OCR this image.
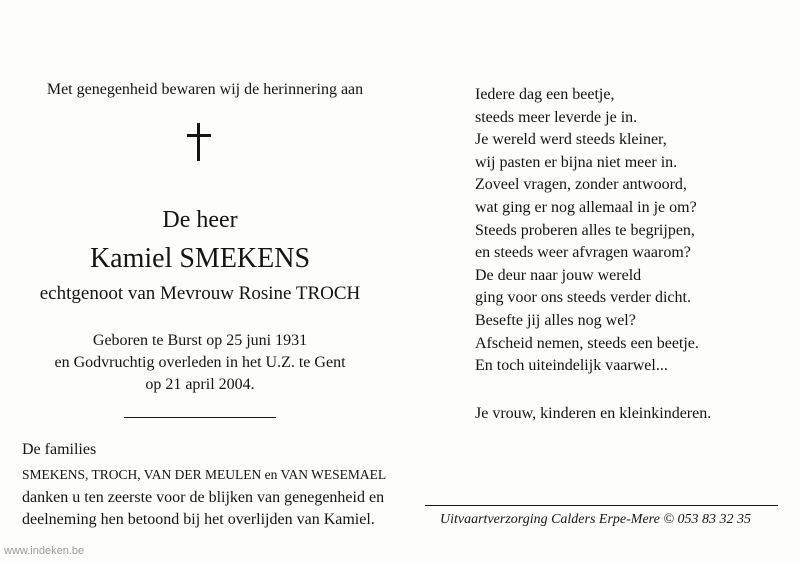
Met genegenheid bewaren wij de herinnering aan
De heer
Kamiel SMEKENS
echtgenoot van Mevrouw Rosine TROCH
Geboren te Burst op 25 juni 1931
en Godvruchtig overleden in het U.Z. te Gent
op 21 april 2004.
De families
SMEKENS, TROCH, VAN DER MEULEN en VAN WESEMAEL
danken u ten zeerste voor de blijken van genegenheid en
deelneming hen betoond bij het overlijden van Kamiel.
Iedere dag een beetje,
steeds meer leverde je in.
Je wereld werd steeds kleiner,
wij pasten er bijna niet meer in.
Zoveel vragen, zonder antwoord,
wat ging er nog allemaal in je om?
Steeds proberen alles te begrijpen,
en steeds weer afvragen waarom?
De deur naar jouw wereld
ging voor ons steeds verder dicht.
Besefte jij alles nog wel?
Afscheid nemen, steeds een beetje.
En toch uiteindelijk vaarwel...
Je vrouw, kinderen en kleinkinderen.
Uitvaartverzorging Calders Erpe-Mere © 053 83 32 35
www.indeken.be
